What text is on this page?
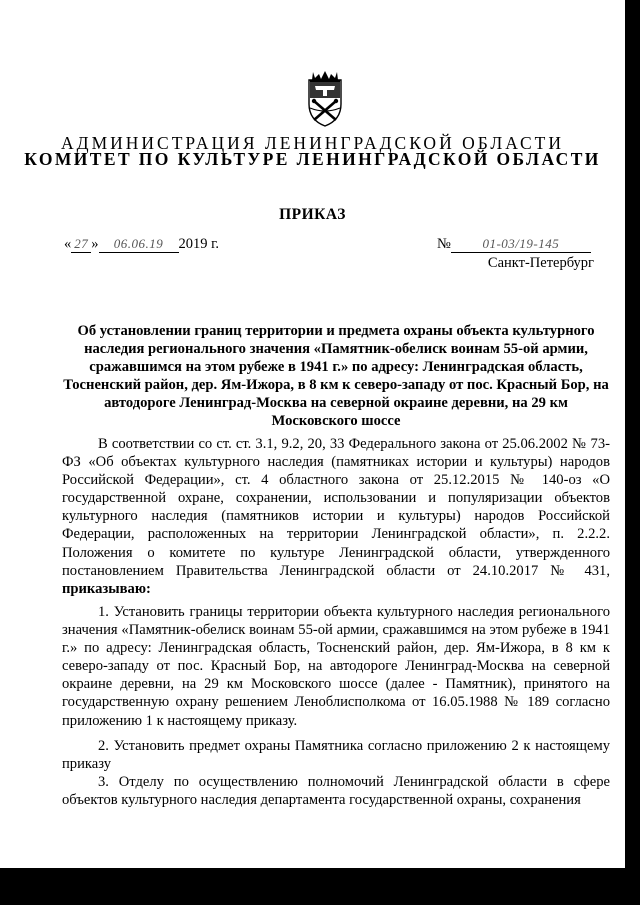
АДМИНИСТРАЦИЯ ЛЕНИНГРАДСКОЙ ОБЛАСТИ
КОМИТЕТ ПО КУЛЬТУРЕ ЛЕНИНГРАДСКОЙ ОБЛАСТИ
ПРИКАЗ
« 27 » 06.06.19 2019 г.	№ 01-03/19-145
Санкт-Петербург
Об установлении границ территории и предмета охраны объекта культурного наследия регионального значения «Памятник-обелиск воинам 55-ой армии, сражавшимся на этом рубеже в 1941 г.» по адресу: Ленинградская область, Тосненский район, дер. Ям-Ижора, в 8 км к северо-западу от пос. Красный Бор, на автодороге Ленинград-Москва на северной окраине деревни, на 29 км Московского шоссе
В соответствии со ст. ст. 3.1, 9.2, 20, 33 Федерального закона от 25.06.2002 № 73-ФЗ «Об объектах культурного наследия (памятниках истории и культуры) народов Российской Федерации», ст. 4 областного закона от 25.12.2015 № 140-оз «О государственной охране, сохранении, использовании и популяризации объектов культурного наследия (памятников истории и культуры) народов Российской Федерации, расположенных на территории Ленинградской области», п. 2.2.2. Положения о комитете по культуре Ленинградской области, утвержденного постановлением Правительства Ленинградской области от 24.10.2017 № 431, приказываю:
1. Установить границы территории объекта культурного наследия регионального значения «Памятник-обелиск воинам 55-ой армии, сражавшимся на этом рубеже в 1941 г.» по адресу: Ленинградская область, Тосненский район, дер. Ям-Ижора, в 8 км к северо-западу от пос. Красный Бор, на автодороге Ленинград-Москва на северной окраине деревни, на 29 км Московского шоссе (далее - Памятник), принятого на государственную охрану решением Леноблисполкома от 16.05.1988 № 189 согласно приложению 1 к настоящему приказу.
2. Установить предмет охраны Памятника согласно приложению 2 к настоящему приказу
3. Отделу по осуществлению полномочий Ленинградской области в сфере объектов культурного наследия департамента государственной охраны, сохранения
